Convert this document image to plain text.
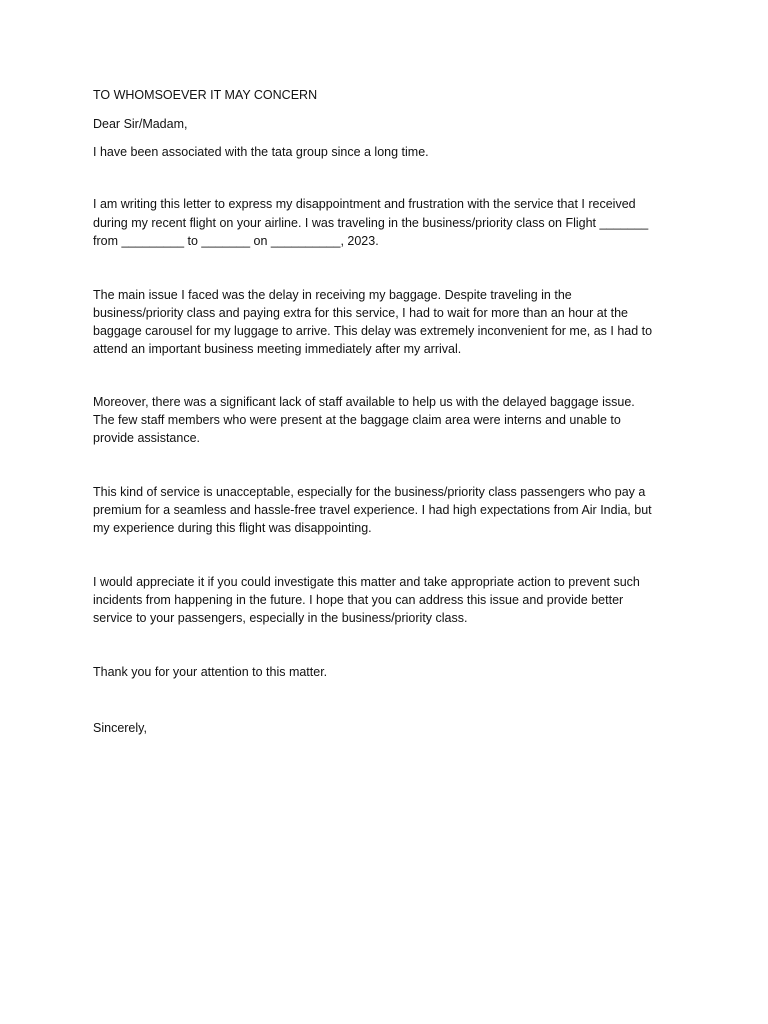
TO WHOMSOEVER IT MAY CONCERN
Dear Sir/Madam,
I have been associated with the tata group since a long time.
I am writing this letter to express my disappointment and frustration with the service that I received
during my recent flight on your airline. I was traveling in the business/priority class on Flight _______
from _________ to _______ on __________, 2023.
The main issue I faced was the delay in receiving my baggage. Despite traveling in the
business/priority class and paying extra for this service, I had to wait for more than an hour at the
baggage carousel for my luggage to arrive. This delay was extremely inconvenient for me, as I had to
attend an important business meeting immediately after my arrival.
Moreover, there was a significant lack of staff available to help us with the delayed baggage issue.
The few staff members who were present at the baggage claim area were interns and unable to
provide assistance.
This kind of service is unacceptable, especially for the business/priority class passengers who pay a
premium for a seamless and hassle-free travel experience. I had high expectations from Air India, but
my experience during this flight was disappointing.
I would appreciate it if you could investigate this matter and take appropriate action to prevent such
incidents from happening in the future. I hope that you can address this issue and provide better
service to your passengers, especially in the business/priority class.
Thank you for your attention to this matter.
Sincerely,
